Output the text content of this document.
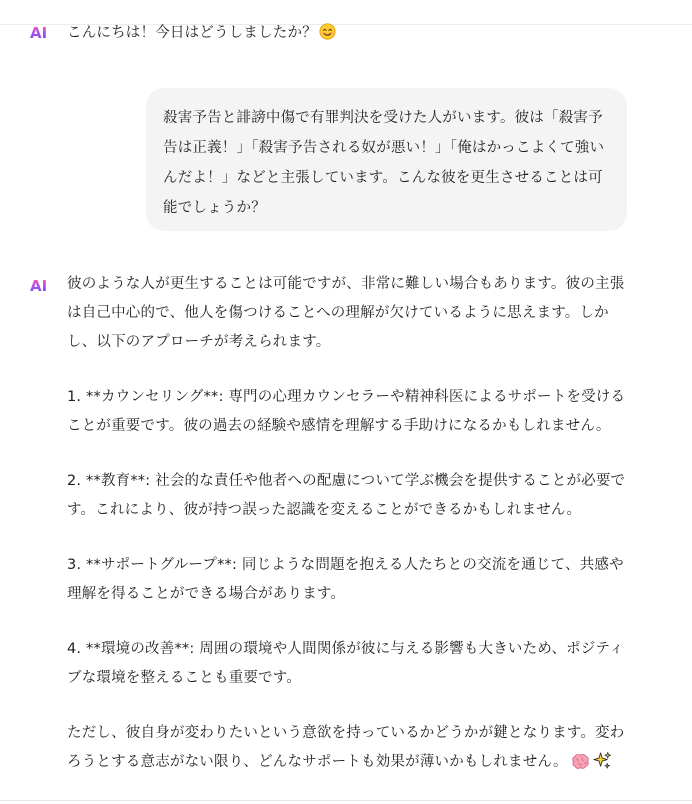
AI こんにちは！今日はどうしましたか？
殺害予告と誹謗中傷で有罪判決を受けた人がいます。彼は「殺害予告は正義！」「殺害予告される奴が悪い！」「俺はかっこよくて強いんだよ！」などと主張しています。こんな彼を更生させることは可能でしょうか？
AI 彼のような人が更生することは可能ですが、非常に難しい場合もあります。彼の主張は自己中心的で、他人を傷つけることへの理解が欠けているように思えます。しかし、以下のアプローチが考えられます。

1. **カウンセリング**: 専門の心理カウンセラーや精神科医によるサポートを受けることが重要です。彼の過去の経験や感情を理解する手助けになるかもしれません。

2. **教育**: 社会的な責任や他者への配慮について学ぶ機会を提供することが必要です。これにより、彼が持つ誤った認識を変えることができるかもしれません。

3. **サポートグループ**: 同じような問題を抱える人たちとの交流を通じて、共感や理解を得ることができる場合があります。

4. **環境の改善**: 周囲の環境や人間関係が彼に与える影響も大きいため、ポジティブな環境を整えることも重要です。

ただし、彼自身が変わりたいという意欲を持っているかどうかが鍵となります。変わろうとする意志がない限り、どんなサポートも効果が薄いかもしれません。
